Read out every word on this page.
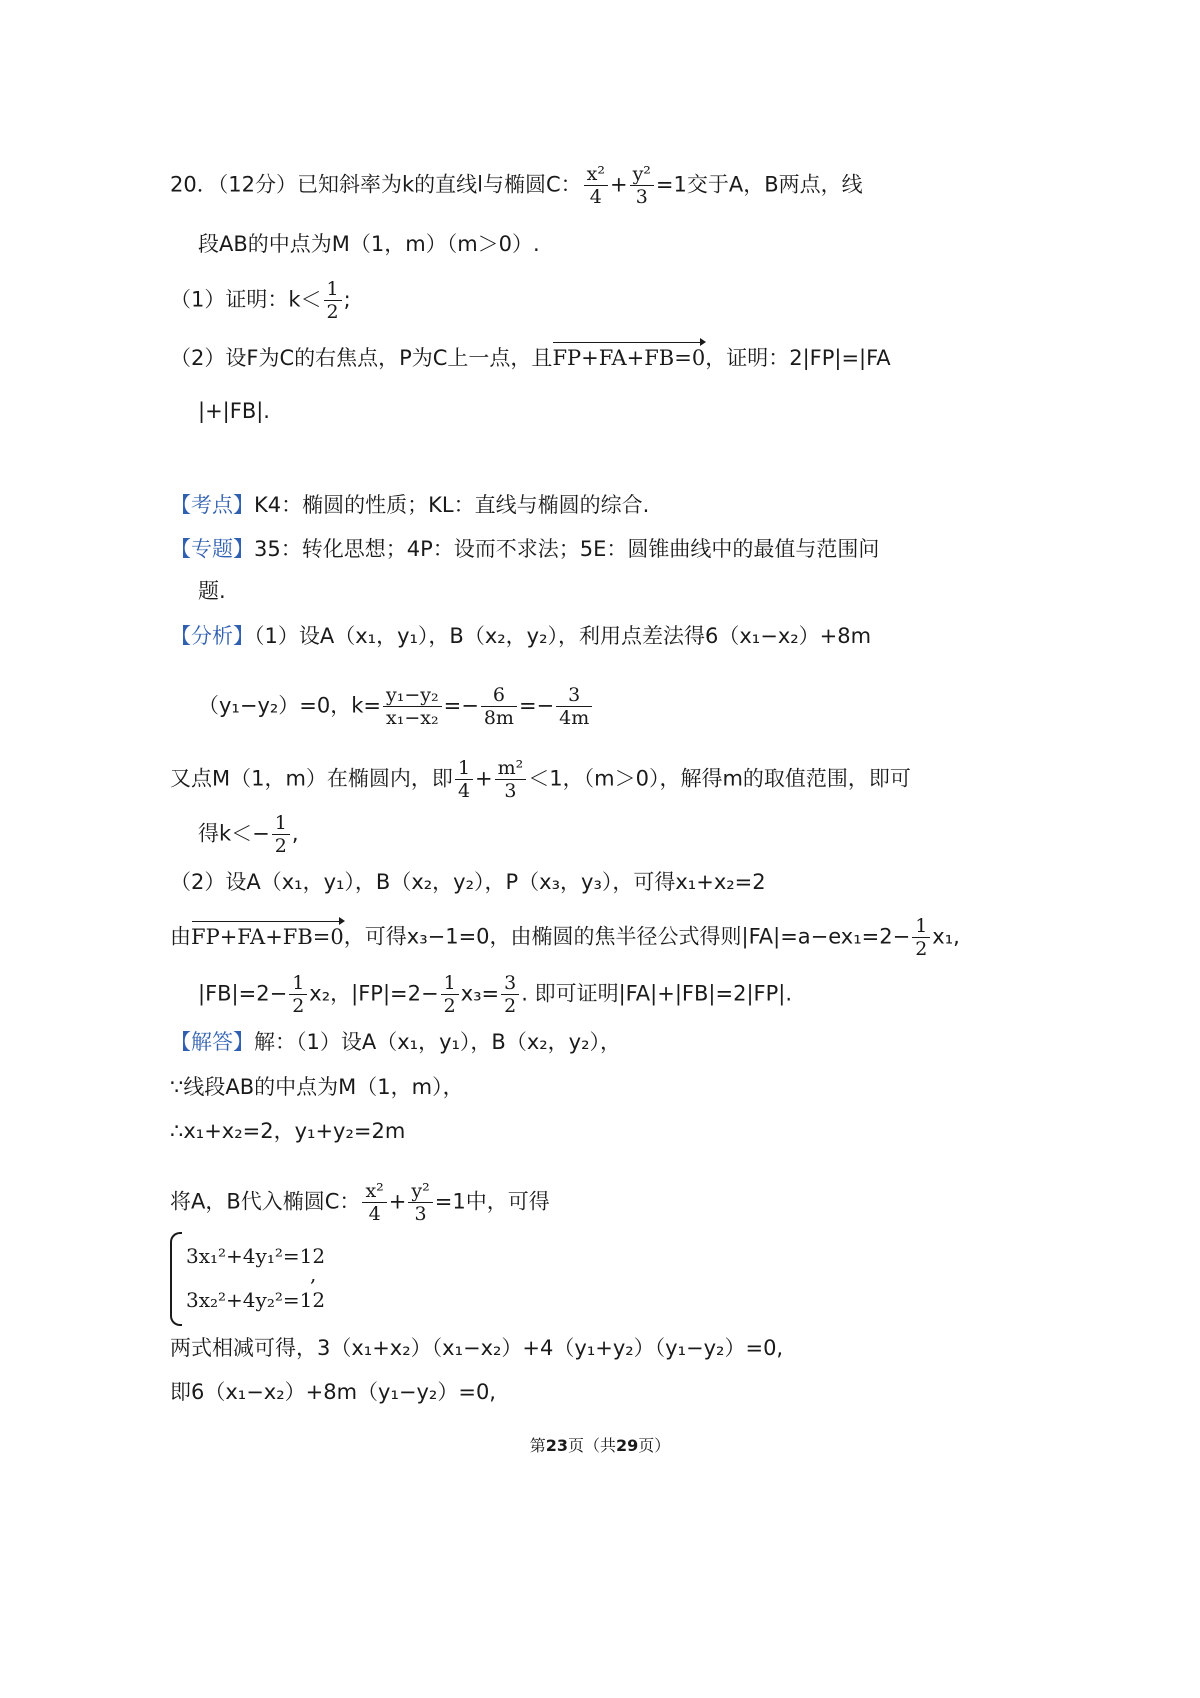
20．（12分）已知斜率为k的直线l与椭圆C： $\frac{\text{x²}}{4} + \frac{\text{y²}}{3} =1$交于A，B两点，线
段AB的中点为M（1，m）（m＞0）.
（1）证明：$k< \frac{1}{2}$ ;
（2）设F为C的右焦点，P为C上一点，且FP+FA+FB=0，证明：2|FP|=|FA
|+|FB|.
【考点】K4：椭圆的性质；KL：直线与椭圆的综合.
【专题】35：转化思想；4P：设而不求法；5E：圆锥曲线中的最值与范围问
题.
【分析】（1）设A（x₁，y₁），B（x₂，y₂），利用点差法得6（x₁−x₂）+8m
（y₁−y₂）=0，$k= \frac{\text{y₁−y₂}}{\text{x₁−x₂}} =- \frac{6}{8m} =- \frac{3}{4m}$
又点M（1，m）在椭圆内，即 $\frac{1}{4} + \frac{\text{m²}}{3} <1$，（m＞0），解得m的取值范围，即可
得$k<- \frac{1}{2}$ ,
（2）设A（x₁，y₁），B（x₂，y₂），P（x₃，y₃），可得x₁+x₂=2
由FP+FA+FB=0，可得x₃−1=0，由椭圆的焦半径公式得则$|FA|=a-ex_1=2- \frac{1}{2} x_1$,
$|FB|=2- \frac{1}{2} x_2$，$|FP|=2- \frac{1}{2} x_3= \frac{3}{2}$ . 即可证明|FA|+|FB|=2|FP|.
【解答】解：（1）设A（x₁，y₁），B（x₂，y₂），
∵线段AB的中点为M（1，m），
∴x₁+x₂=2，y₁+y₂=2m
将A，B代入椭圆C： $\frac{\text{x²}}{4} + \frac{\text{y²}}{3} =1$中，可得
3x₁²+4y₁²=12
3x₂²+4y₂²=12
,
两式相减可得，3（x₁+x₂）（x₁−x₂）+4（y₁+y₂）（y₁−y₂）=0,
即6（x₁−x₂）+8m（y₁−y₂）=0,
第23页（共29页）
